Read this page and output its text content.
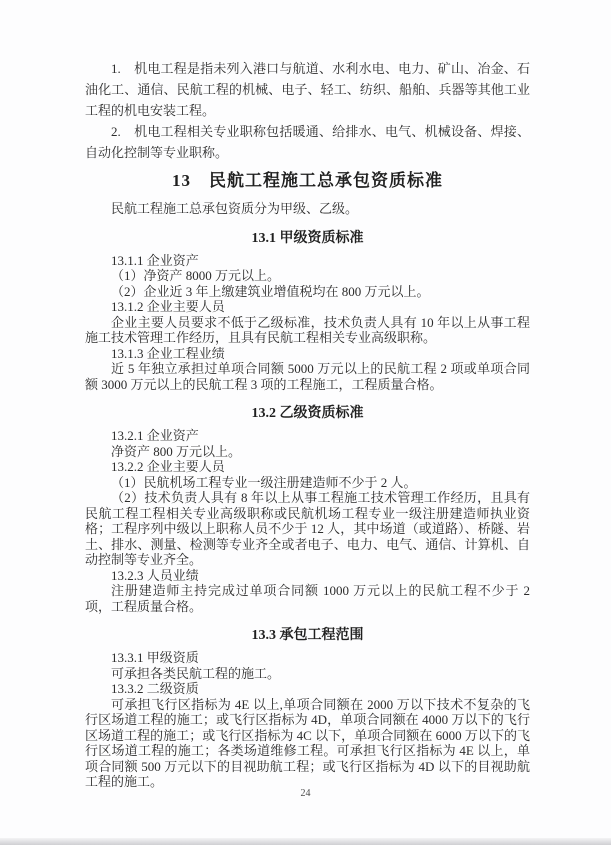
1.　机电工程是指未列入港口与航道、水利水电、电力、矿山、冶金、石油化工、通信、民航工程的机械、电子、轻工、纺织、船舶、兵器等其他工业工程的机电安装工程。
2.　机电工程相关专业职称包括暖通、给排水、电气、机械设备、焊接、自动化控制等专业职称。
13　民航工程施工总承包资质标准
民航工程施工总承包资质分为甲级、乙级。
13.1 甲级资质标准
13.1.1 企业资产
（1）净资产 8000 万元以上。
（2）企业近 3 年上缴建筑业增值税均在 800 万元以上。
13.1.2 企业主要人员
企业主要人员要求不低于乙级标准，技术负责人具有 10 年以上从事工程施工技术管理工作经历，且具有民航工程相关专业高级职称。
13.1.3 企业工程业绩
近 5 年独立承担过单项合同额 5000 万元以上的民航工程 2 项或单项合同额 3000 万元以上的民航工程 3 项的工程施工，工程质量合格。
13.2 乙级资质标准
13.2.1 企业资产
净资产 800 万元以上。
13.2.2 企业主要人员
（1）民航机场工程专业一级注册建造师不少于 2 人。
（2）技术负责人具有 8 年以上从事工程施工技术管理工作经历，且具有民航工程工程相关专业高级职称或民航机场工程专业一级注册建造师执业资格；工程序列中级以上职称人员不少于 12 人，其中场道（或道路）、桥隧、岩土、排水、测量、检测等专业齐全或者电子、电力、电气、通信、计算机、自动控制等专业齐全。
13.2.3 人员业绩
注册建造师主持完成过单项合同额 1000 万元以上的民航工程不少于 2 项，工程质量合格。
13.3 承包工程范围
13.3.1 甲级资质
可承担各类民航工程的施工。
13.3.2 二级资质
可承担飞行区指标为 4E 以上,单项合同额在 2000 万以下技术不复杂的飞行区场道工程的施工；或飞行区指标为 4D，单项合同额在 4000 万以下的飞行区场道工程的施工；或飞行区指标为 4C 以下，单项合同额在 6000 万以下的飞行区场道工程的施工；各类场道维修工程。可承担飞行区指标为 4E 以上，单项合同额 500 万元以下的目视助航工程；或飞行区指标为 4D 以下的目视助航工程的施工。
24
